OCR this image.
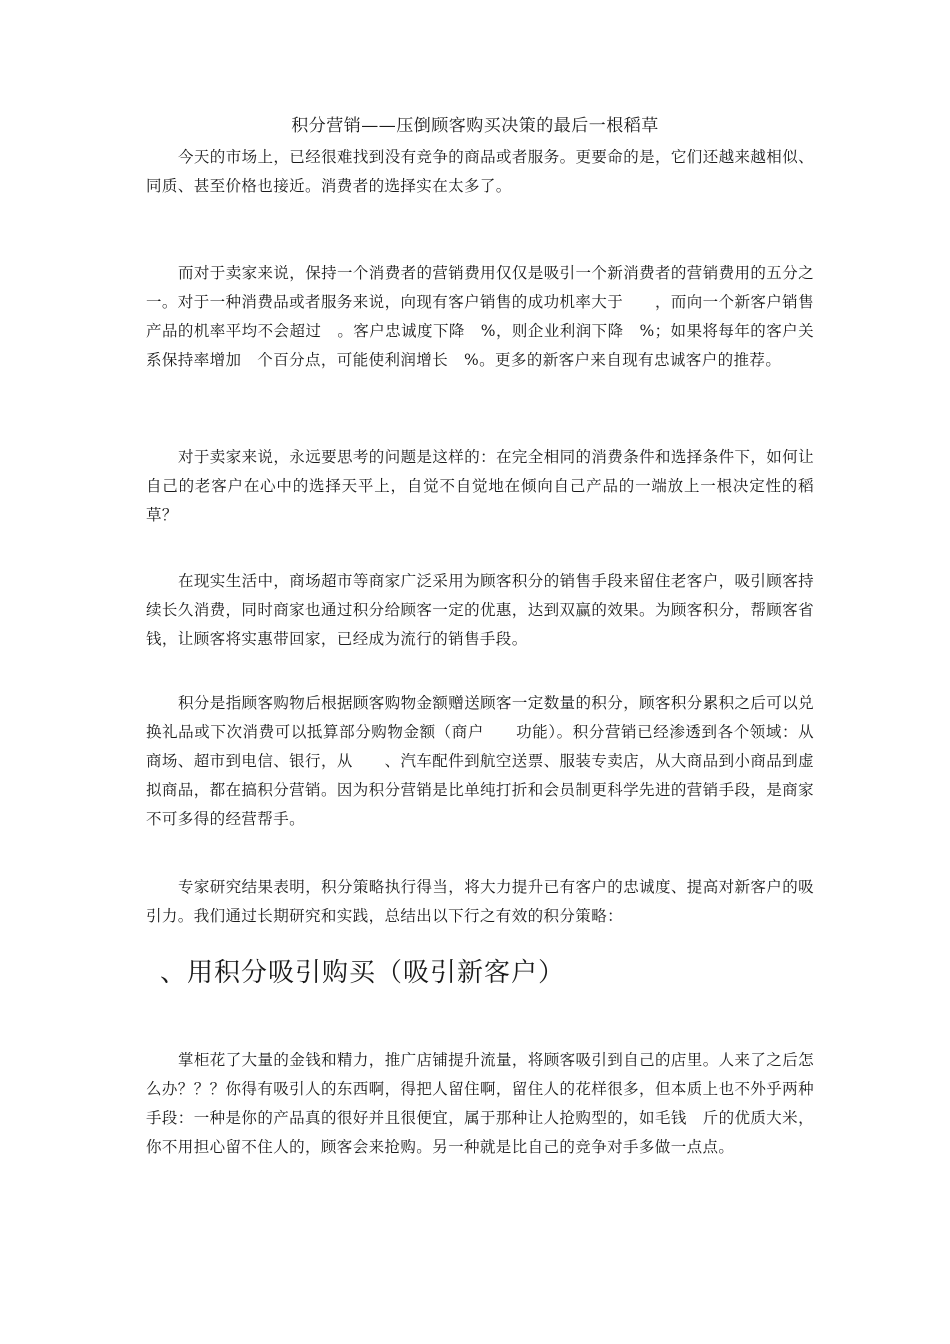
积分营销——压倒顾客购买决策的最后一根稻草

今天的市场上，已经很难找到没有竞争的商品或者服务。更要命的是，它们还越来越相似、同质、甚至价格也接近。消费者的选择实在太多了。

而对于卖家来说，保持一个消费者的营销费用仅仅是吸引一个新消费者的营销费用的五分之一。对于一种消费品或者服务来说，向现有客户销售的成功机率大于　　，而向一个新客户销售产品的机率平均不会超过　。客户忠诚度下降　%，则企业利润下降　%；如果将每年的客户关系保持率增加　个百分点，可能使利润增长　%。更多的新客户来自现有忠诚客户的推荐。

对于卖家来说，永远要思考的问题是这样的：在完全相同的消费条件和选择条件下，如何让自己的老客户在心中的选择天平上，自觉不自觉地在倾向自己产品的一端放上一根决定性的稻草？

在现实生活中，商场超市等商家广泛采用为顾客积分的销售手段来留住老客户，吸引顾客持续长久消费，同时商家也通过积分给顾客一定的优惠，达到双赢的效果。为顾客积分，帮顾客省钱，让顾客将实惠带回家，已经成为流行的销售手段。

积分是指顾客购物后根据顾客购物金额赠送顾客一定数量的积分，顾客积分累积之后可以兑换礼品或下次消费可以抵算部分购物金额（商户　　功能）。积分营销已经渗透到各个领域：从商场、超市到电信、银行，从　　、汽车配件到航空送票、服装专卖店，从大商品到小商品到虚拟商品，都在搞积分营销。因为积分营销是比单纯打折和会员制更科学先进的营销手段，是商家不可多得的经营帮手。

专家研究结果表明，积分策略执行得当，将大力提升已有客户的忠诚度、提高对新客户的吸引力。我们通过长期研究和实践，总结出以下行之有效的积分策略：

、用积分吸引购买（吸引新客户）

掌柜花了大量的金钱和精力，推广店铺提升流量，将顾客吸引到自己的店里。人来了之后怎么办？？？你得有吸引人的东西啊，得把人留住啊，留住人的花样很多，但本质上也不外乎两种手段：一种是你的产品真的很好并且很便宜，属于那种让人抢购型的，如毛钱　斤的优质大米，你不用担心留不住人的，顾客会来抢购。另一种就是比自己的竞争对手多做一点点。
